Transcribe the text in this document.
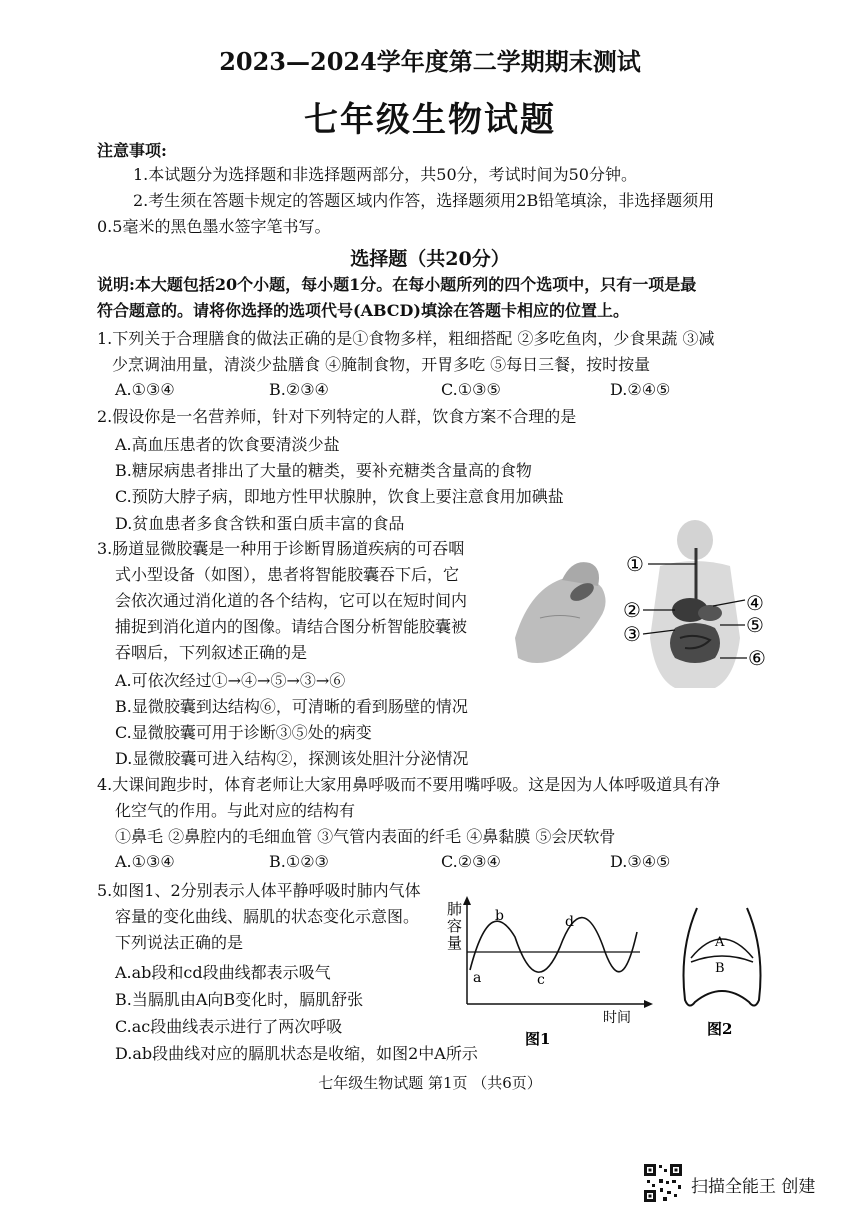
2023—2024学年度第二学期期末测试
七年级生物试题
注意事项:
1.本试题分为选择题和非选择题两部分，共50分，考试时间为50分钟。
2.考生须在答题卡规定的答题区域内作答，选择题须用2B铅笔填涂，非选择题须用
0.5毫米的黑色墨水签字笔书写。
选择题（共20分）
说明:本大题包括20个小题，每小题1分。在每小题所列的四个选项中，只有一项是最
符合题意的。请将你选择的选项代号(ABCD)填涂在答题卡相应的位置上。
1.下列关于合理膳食的做法正确的是①食物多样，粗细搭配 ②多吃鱼肉，少食果蔬 ③减
少烹调油用量，清淡少盐膳食 ④腌制食物，开胃多吃 ⑤每日三餐，按时按量
A.①③④	B.②③④	C.①③⑤	D.②④⑤
2.假设你是一名营养师，针对下列特定的人群，饮食方案不合理的是
A.高血压患者的饮食要清淡少盐
B.糖尿病患者排出了大量的糖类，要补充糖类含量高的食物
C.预防大脖子病，即地方性甲状腺肿，饮食上要注意食用加碘盐
D.贫血患者多食含铁和蛋白质丰富的食品
3.肠道显微胶囊是一种用于诊断胃肠道疾病的可吞咽
式小型设备（如图），患者将智能胶囊吞下后，它
会依次通过消化道的各个结构，它可以在短时间内
捕捉到消化道内的图像。请结合图分析智能胶囊被
吞咽后，下列叙述正确的是
A.可依次经过①→④→⑤→③→⑥
B.显微胶囊到达结构⑥，可清晰的看到肠壁的情况
C.显微胶囊可用于诊断③⑤处的病变
D.显微胶囊可进入结构②，探测该处胆汁分泌情况
①
②
③
④
⑤
⑥
4.大课间跑步时，体育老师让大家用鼻呼吸而不要用嘴呼吸。这是因为人体呼吸道具有净
化空气的作用。与此对应的结构有
①鼻毛 ②鼻腔内的毛细血管 ③气管内表面的纤毛 ④鼻黏膜 ⑤会厌软骨
A.①③④	B.①②③	C.②③④	D.③④⑤
5.如图1、2分别表示人体平静呼吸时肺内气体
容量的变化曲线、膈肌的状态变化示意图。
下列说法正确的是
A.ab段和cd段曲线都表示吸气
B.当膈肌由A向B变化时，膈肌舒张
C.ac段曲线表示进行了两次呼吸
D.ab段曲线对应的膈肌状态是收缩，如图2中A所示
肺
容
量
a
b
c
d
时间
图1
A
B
图2
七年级生物试题 第1页 （共6页）
扫描全能王 创建
